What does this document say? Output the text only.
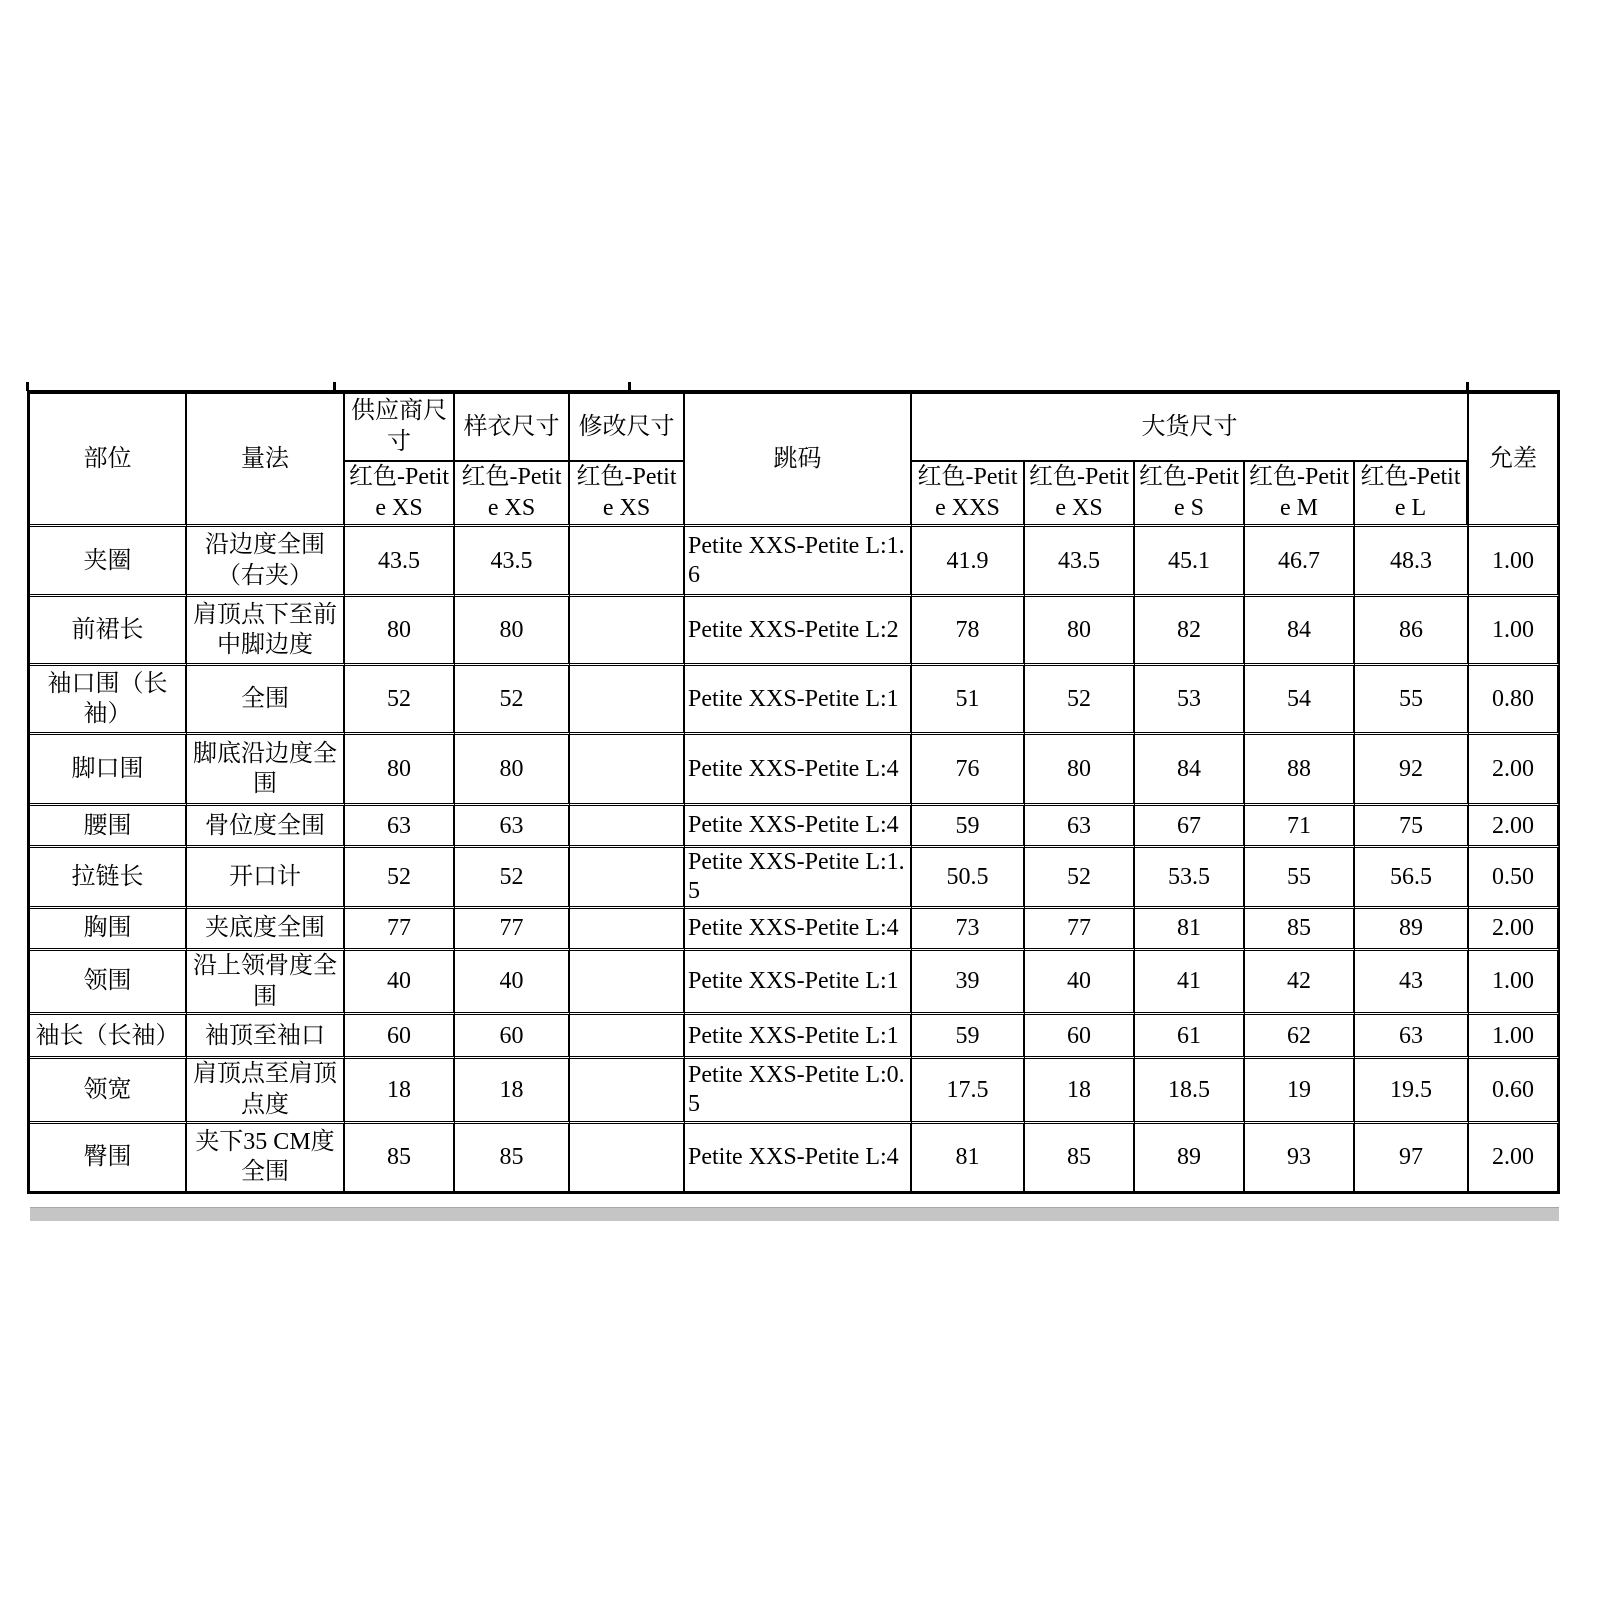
部位	量法	供应商尺寸	样衣尺寸	修改尺寸	跳码	大货尺寸					允差
		红色-Petite XS	红色-Petite XS	红色-Petite XS		红色-Petite XXS	红色-Petite XS	红色-Petite S	红色-Petite M	红色-Petite L	
夹圈	沿边度全围（右夹）	43.5	43.5		Petite XXS-Petite L:1.6	41.9	43.5	45.1	46.7	48.3	1.00
前裙长	肩顶点下至前中脚边度	80	80		Petite XXS-Petite L:2	78	80	82	84	86	1.00
袖口围（长袖）	全围	52	52		Petite XXS-Petite L:1	51	52	53	54	55	0.80
脚口围	脚底沿边度全围	80	80		Petite XXS-Petite L:4	76	80	84	88	92	2.00
腰围	骨位度全围	63	63		Petite XXS-Petite L:4	59	63	67	71	75	2.00
拉链长	开口计	52	52		Petite XXS-Petite L:1.5	50.5	52	53.5	55	56.5	0.50
胸围	夹底度全围	77	77		Petite XXS-Petite L:4	73	77	81	85	89	2.00
领围	沿上领骨度全围	40	40		Petite XXS-Petite L:1	39	40	41	42	43	1.00
袖长（长袖）	袖顶至袖口	60	60		Petite XXS-Petite L:1	59	60	61	62	63	1.00
领宽	肩顶点至肩顶点度	18	18		Petite XXS-Petite L:0.5	17.5	18	18.5	19	19.5	0.60
臀围	夹下35 CM度全围	85	85		Petite XXS-Petite L:4	81	85	89	93	97	2.00
